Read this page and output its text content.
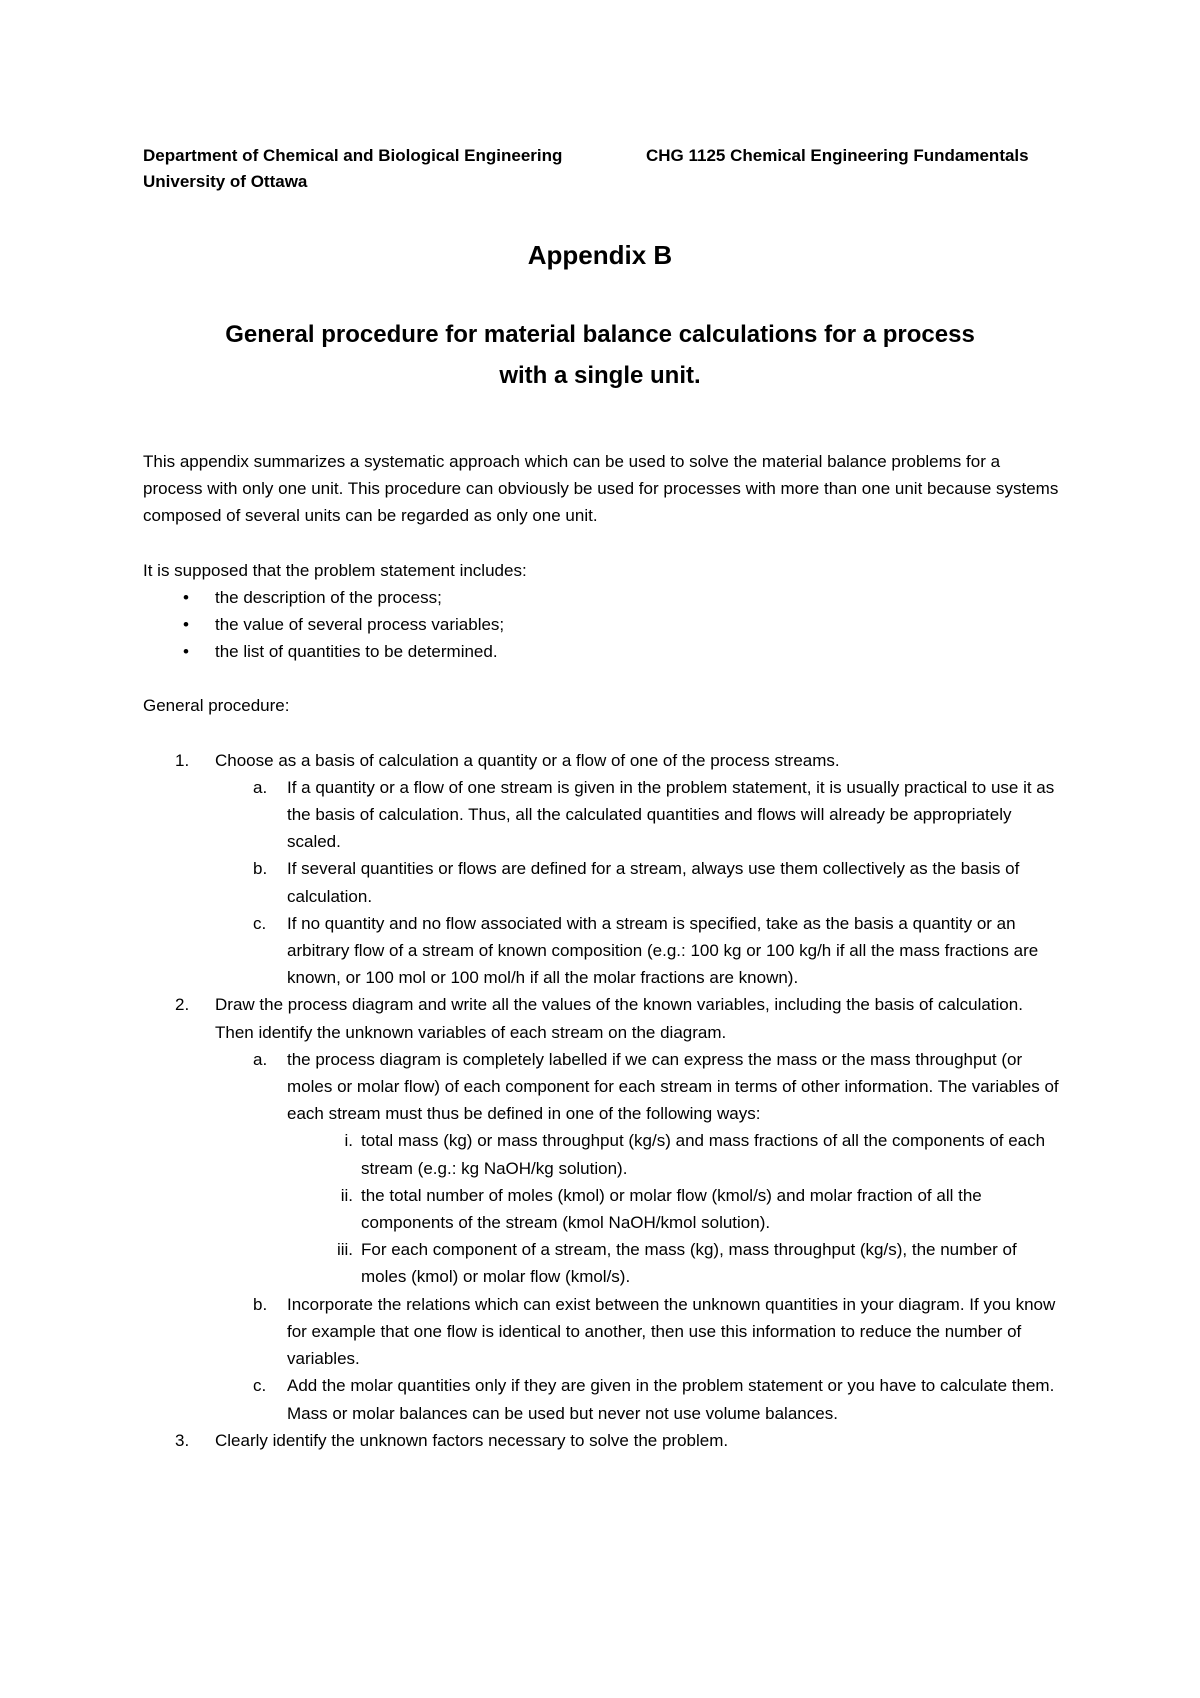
Department of Chemical and Biological Engineering
University of Ottawa
CHG 1125 Chemical Engineering Fundamentals
Appendix B
General procedure for material balance calculations for a process
with a single unit.

This appendix summarizes a systematic approach which can be used to solve the material balance problems for a process with only one unit. This procedure can obviously be used for processes with more than one unit because systems composed of several units can be regarded as only one unit.

It is supposed that the problem statement includes:

• the description of the process;
• the value of several process variables;
• the list of quantities to be determined.

General procedure:

1. Choose as a basis of calculation a quantity or a flow of one of the process streams.
a. If a quantity or a flow of one stream is given in the problem statement, it is usually practical to use it as the basis of calculation. Thus, all the calculated quantities and flows will already be appropriately scaled.
b. If several quantities or flows are defined for a stream, always use them collectively as the basis of calculation.
c. If no quantity and no flow associated with a stream is specified, take as the basis a quantity or an arbitrary flow of a stream of known composition (e.g.: 100 kg or 100 kg/h if all the mass fractions are known, or 100 mol or 100 mol/h if all the molar fractions are known).
2. Draw the process diagram and write all the values of the known variables, including the basis of calculation. Then identify the unknown variables of each stream on the diagram.
a. the process diagram is completely labelled if we can express the mass or the mass throughput (or moles or molar flow) of each component for each stream in terms of other information. The variables of each stream must thus be defined in one of the following ways:
i. total mass (kg) or mass throughput (kg/s) and mass fractions of all the components of each stream (e.g.: kg NaOH/kg solution).
ii. the total number of moles (kmol) or molar flow (kmol/s) and molar fraction of all the components of the stream (kmol NaOH/kmol solution).
iii. For each component of a stream, the mass (kg), mass throughput (kg/s), the number of moles (kmol) or molar flow (kmol/s).
b. Incorporate the relations which can exist between the unknown quantities in your diagram. If you know for example that one flow is identical to another, then use this information to reduce the number of variables.
c. Add the molar quantities only if they are given in the problem statement or you have to calculate them. Mass or molar balances can be used but never not use volume balances.
3. Clearly identify the unknown factors necessary to solve the problem.
